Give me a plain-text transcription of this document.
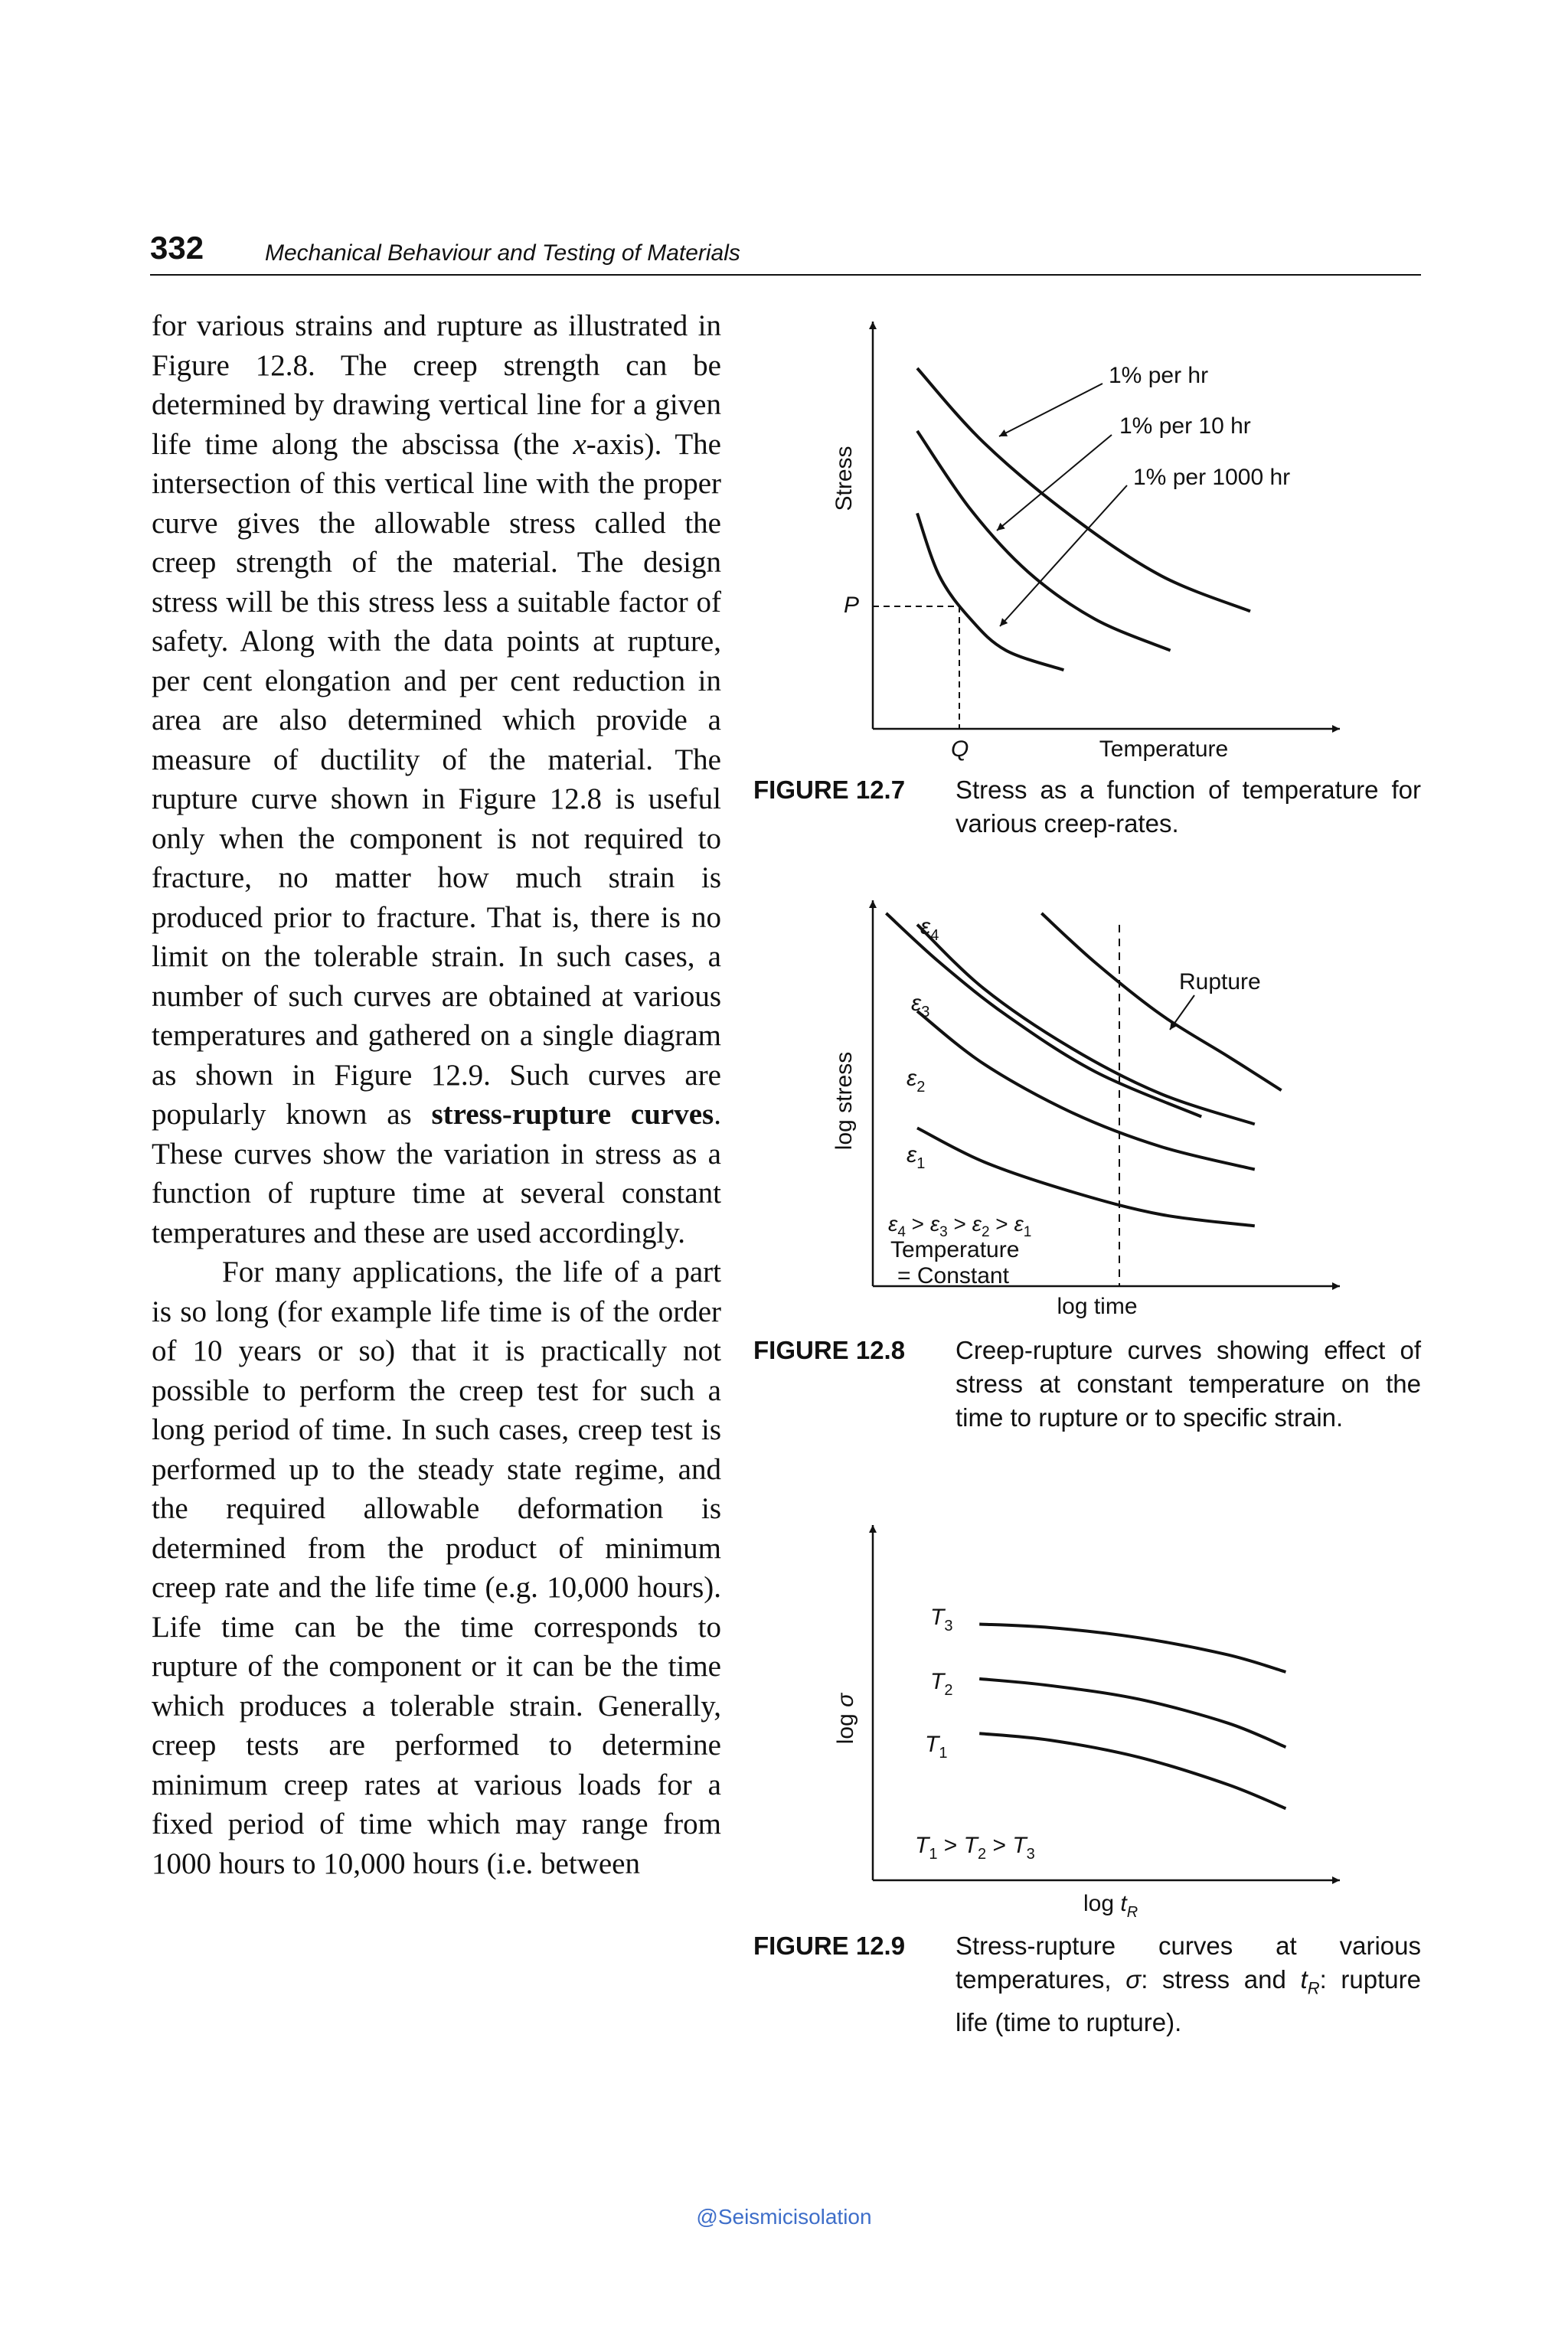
332	Mechanical Behaviour and Testing of Materials

for various strains and rupture as illustrated in Figure 12.8. The creep strength can be determined by drawing vertical line for a given life time along the abscissa (the x-axis). The intersection of this vertical line with the proper curve gives the allowable stress called the creep strength of the material. The design stress will be this stress less a suitable factor of safety. Along with the data points at rupture, per cent elongation and per cent reduction in area are also determined which provide a measure of ductility of the material. The rupture curve shown in Figure 12.8 is useful only when the component is not required to fracture, no matter how much strain is produced prior to fracture. That is, there is no limit on the tolerable strain. In such cases, a number of such curves are obtained at various temperatures and gathered on a single diagram as shown in Figure 12.9. Such curves are popularly known as stress-rupture curves. These curves show the variation in stress as a function of rupture time at several constant temperatures and these are used accordingly.

For many applications, the life of a part is so long (for example life time is of the order of 10 years or so) that it is practically not possible to perform the creep test for such a long period of time. In such cases, creep test is performed up to the steady state regime, and the required allowable deformation is determined from the product of minimum creep rate and the life time (e.g. 10,000 hours). Life time can be the time corresponds to rupture of the component or it can be the time which produces a tolerable strain. Generally, creep tests are performed to determine minimum creep rates at various loads for a fixed period of time which may range from 1000 hours to 10,000 hours (i.e. between

1% per hr
1% per 10 hr
1% per 1000 hr
P
Q	Temperature
Stress
FIGURE 12.7 Stress as a function of temperature for various creep-rates.
Rupture
$\varepsilon_4$
$\varepsilon_3$
$\varepsilon_2$
$\varepsilon_1$
$\varepsilon_4 > \varepsilon_3 > \varepsilon_2 > \varepsilon_1$
Temperature
= Constant
log time
log stress
FIGURE 12.8 Creep-rupture curves showing effect of stress at constant temperature on the time to rupture or to specific strain.
$T_3$
$T_2$
$T_1$
$T_1 > T_2 > T_3$
$\log t_R$
log σ
FIGURE 12.9 Stress-rupture curves at various temperatures, σ: stress and $t_R$: rupture life (time to rupture).
@Seismicisolation
